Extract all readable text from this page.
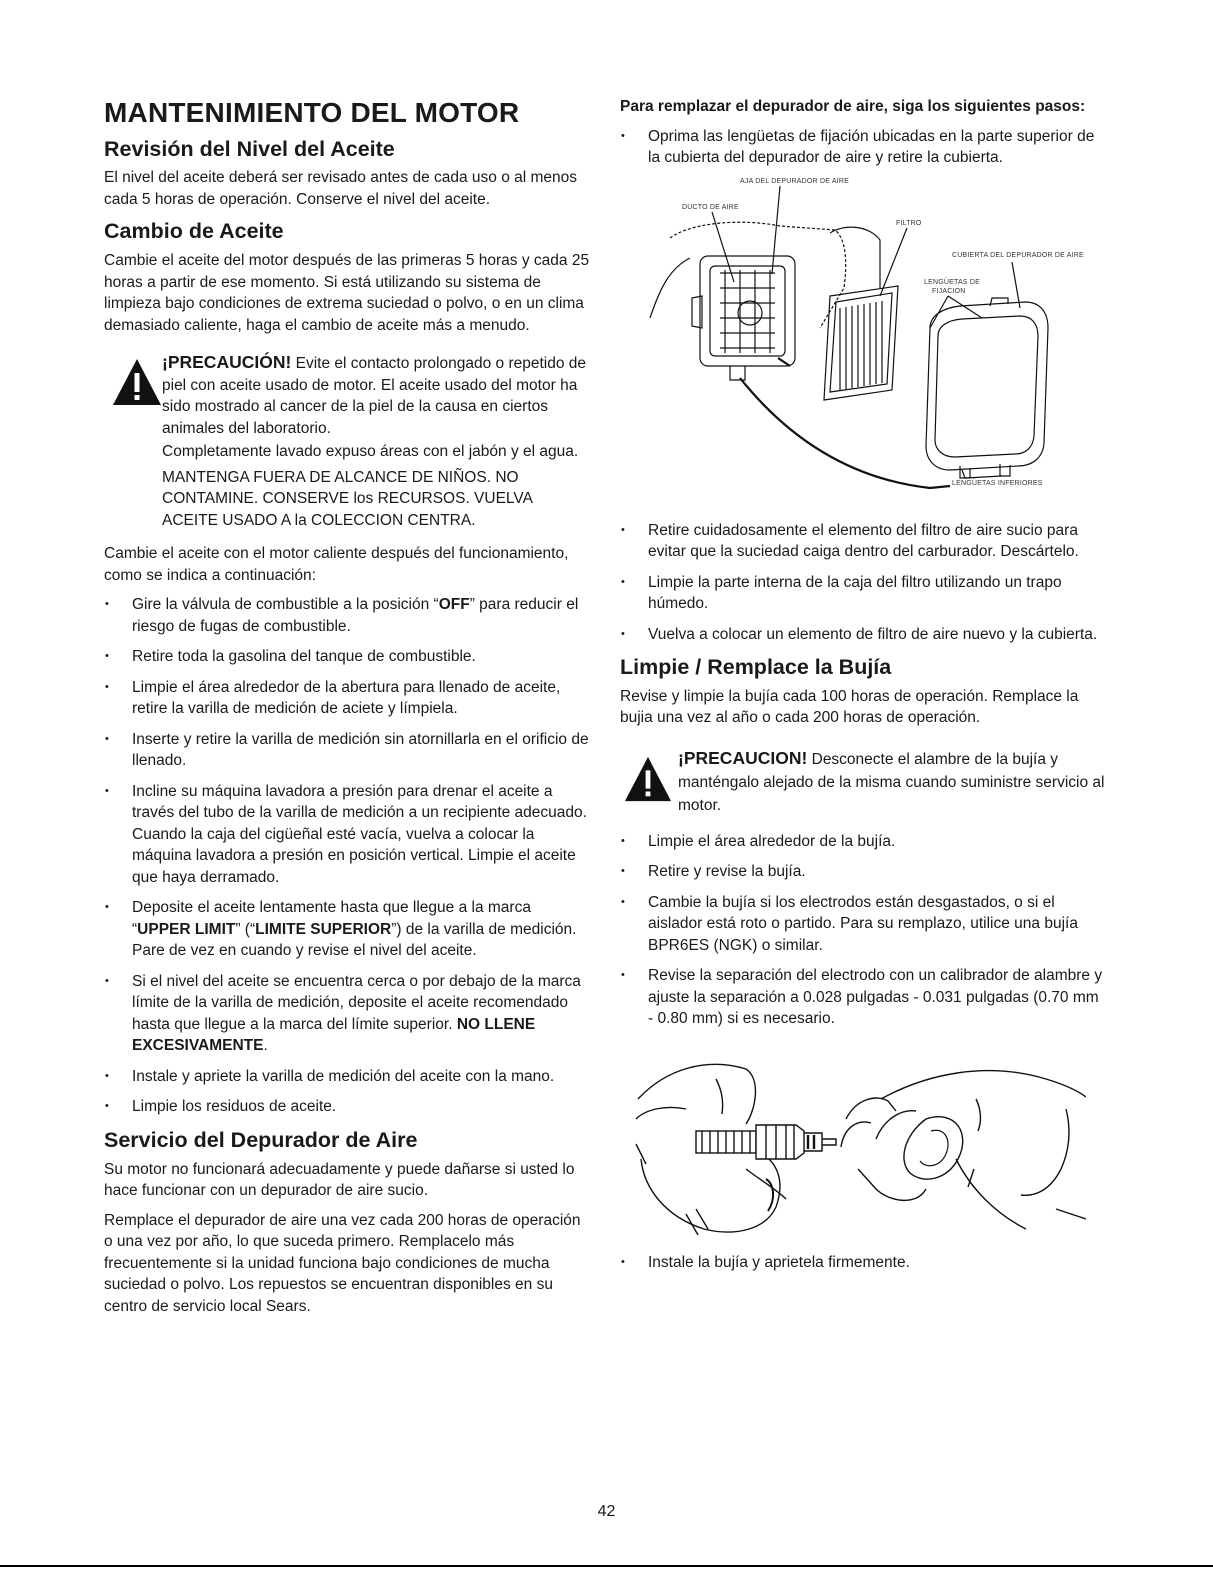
MANTENIMIENTO DEL MOTOR
Revisión del Nivel del Aceite

El nivel del aceite deberá ser revisado antes de cada uso o al menos cada 5 horas de operación. Conserve el nivel del aceite.

Cambio de Aceite

Cambie el aceite del motor después de las primeras 5 horas y cada 25 horas a partir de ese momento. Si está utilizando su sistema de limpieza bajo condiciones de extrema suciedad o polvo, o en un clima demasiado caliente, haga el cambio de aceite más a menudo.

¡PRECAUCIÓN! Evite el contacto prolongado o repetido de piel con aceite usado de motor. El aceite usado del motor ha sido mostrado al cancer de la piel de la causa en ciertos animales del laboratorio.

Completamente lavado expuso áreas con el jabón y el agua.

MANTENGA FUERA DE ALCANCE DE NIÑOS. NO CONTAMINE. CONSERVE los RECURSOS. VUELVA ACEITE USADO A la COLECCION CENTRA.

Cambie el aceite con el motor caliente después del funcionamiento, como se indica a continuación:

• Gire la válvula de combustible a la posición “OFF” para reducir el riesgo de fugas de combustible.
• Retire toda la gasolina del tanque de combustible.
• Limpie el área alrededor de la abertura para llenado de aceite, retire la varilla de medición de aciete y límpiela.
• Inserte y retire la varilla de medición sin atornillarla en el orificio de llenado.
• Incline su máquina lavadora a presión para drenar el aceite a través del tubo de la varilla de medición a un recipiente adecuado. Cuando la caja del cigüeñal esté vacía, vuelva a colocar la máquina lavadora a presión en posición vertical. Limpie el aceite que haya derramado.
• Deposite el aceite lentamente hasta que llegue a la marca “UPPER LIMIT” (“LIMITE SUPERIOR”) de la varilla de medición. Pare de vez en cuando y revise el nivel del aceite.
• Si el nivel del aceite se encuentra cerca o por debajo de la marca límite de la varilla de medición, deposite el aceite recomendado hasta que llegue a la marca del límite superior. NO LLENE EXCESIVAMENTE.
• Instale y apriete la varilla de medición del aceite con la mano.
• Limpie los residuos de aceite.
Servicio del Depurador de Aire

Su motor no funcionará adecuadamente y puede dañarse si usted lo hace funcionar con un depurador de aire sucio.

Remplace el depurador de aire una vez cada 200 horas de operación o una vez por año, lo que suceda primero. Remplacelo más frecuentemente si la unidad funciona bajo condiciones de mucha suciedad o polvo. Los repuestos se encuentran disponibles en su centro de servicio local Sears.

Para remplazar el depurador de aire, siga los siguientes pasos:

• Oprima las lengüetas de fijación ubicadas en la parte superior de la cubierta del depurador de aire y retire la cubierta.
AJA DEL DEPURADOR DE AIRE
DUCTO DE AIRE
FILTRO
CUBIERTA DEL DEPURADOR DE AIRE
LENGÜETAS DE
FIJACION
LENGÜETAS INFERIORES
• Retire cuidadosamente el elemento del filtro de aire sucio para evitar que la suciedad caiga dentro del carburador. Descártelo.
• Limpie la parte interna de la caja del filtro utilizando un trapo húmedo.
• Vuelva a colocar un elemento de filtro de aire nuevo y la cubierta.
Limpie / Remplace la Bujía

Revise y limpie la bujía cada 100 horas de operación. Remplace la bujia una vez al año o cada 200 horas de operación.

¡PRECAUCION! Desconecte el alambre de la bujía y manténgalo alejado de la misma cuando suministre servicio al motor.
• Limpie el área alrededor de la bujía.
• Retire y revise la bujía.
• Cambie la bujía si los electrodos están desgastados, o si el aislador está roto o partido. Para su remplazo, utilice una bujía BPR6ES (NGK) o similar.
• Revise la separación del electrodo con un calibrador de alambre y ajuste la separación a 0.028 pulgadas - 0.031 pulgadas (0.70 mm - 0.80 mm) si es necesario.
• Instale la bujía y aprietela firmemente.
42
